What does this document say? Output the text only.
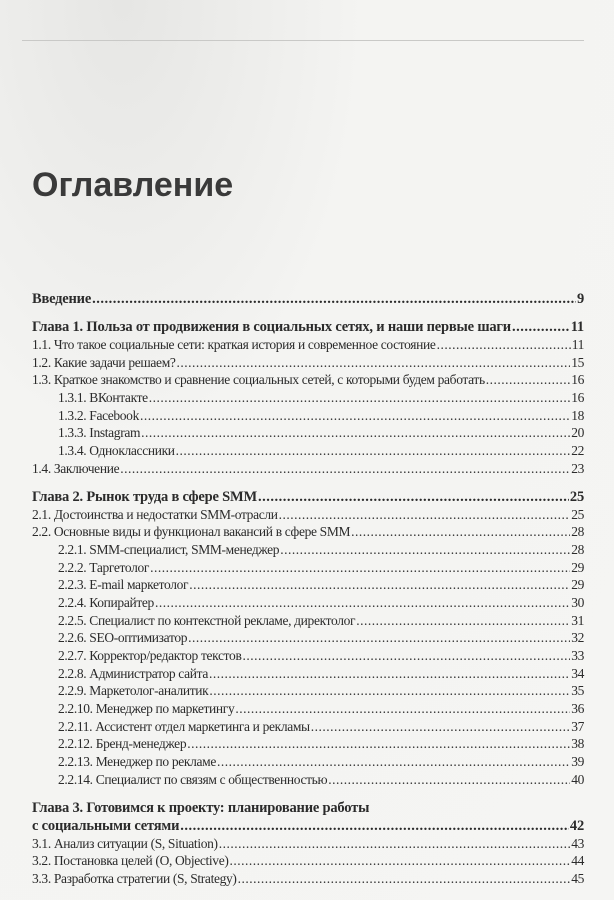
Оглавление
Введение .....	9
Глава 1. Польза от продвижения в социальных сетях, и наши первые шаги .....	11
1.1. Что такое социальные сети: краткая история и современное состояние .....	11
1.2. Какие задачи решаем? .....	15
1.3. Краткое знакомство и сравнение социальных сетей, с которыми будем работать .....	16
1.3.1. ВКонтакте .....	16
1.3.2. Facebook .....	18
1.3.3. Instagram .....	20
1.3.4. Одноклассники .....	22
1.4. Заключение .....	23
Глава 2. Рынок труда в сфере SMM .....	25
2.1. Достоинства и недостатки SMM-отрасли .....	25
2.2. Основные виды и функционал вакансий в сфере SMM .....	28
2.2.1. SMM-специалист, SMM-менеджер .....	28
2.2.2. Таргетолог .....	29
2.2.3. E-mail маркетолог .....	29
2.2.4. Копирайтер .....	30
2.2.5. Специалист по контекстной рекламе, директолог .....	31
2.2.6. SEO-оптимизатор .....	32
2.2.7. Корректор/редактор текстов .....	33
2.2.8. Администратор сайта .....	34
2.2.9. Маркетолог-аналитик .....	35
2.2.10. Менеджер по маркетингу .....	36
2.2.11. Ассистент отдел маркетинга и рекламы .....	37
2.2.12. Бренд-менеджер .....	38
2.2.13. Менеджер по рекламе .....	39
2.2.14. Специалист по связям с общественностью .....	40
Глава 3. Готовимся к проекту: планирование работы
с социальными сетями .....	42
3.1. Анализ ситуации (S, Situation) .....	43
3.2. Постановка целей (O, Objective) .....	44
3.3. Разработка стратегии (S, Strategy) .....	45
